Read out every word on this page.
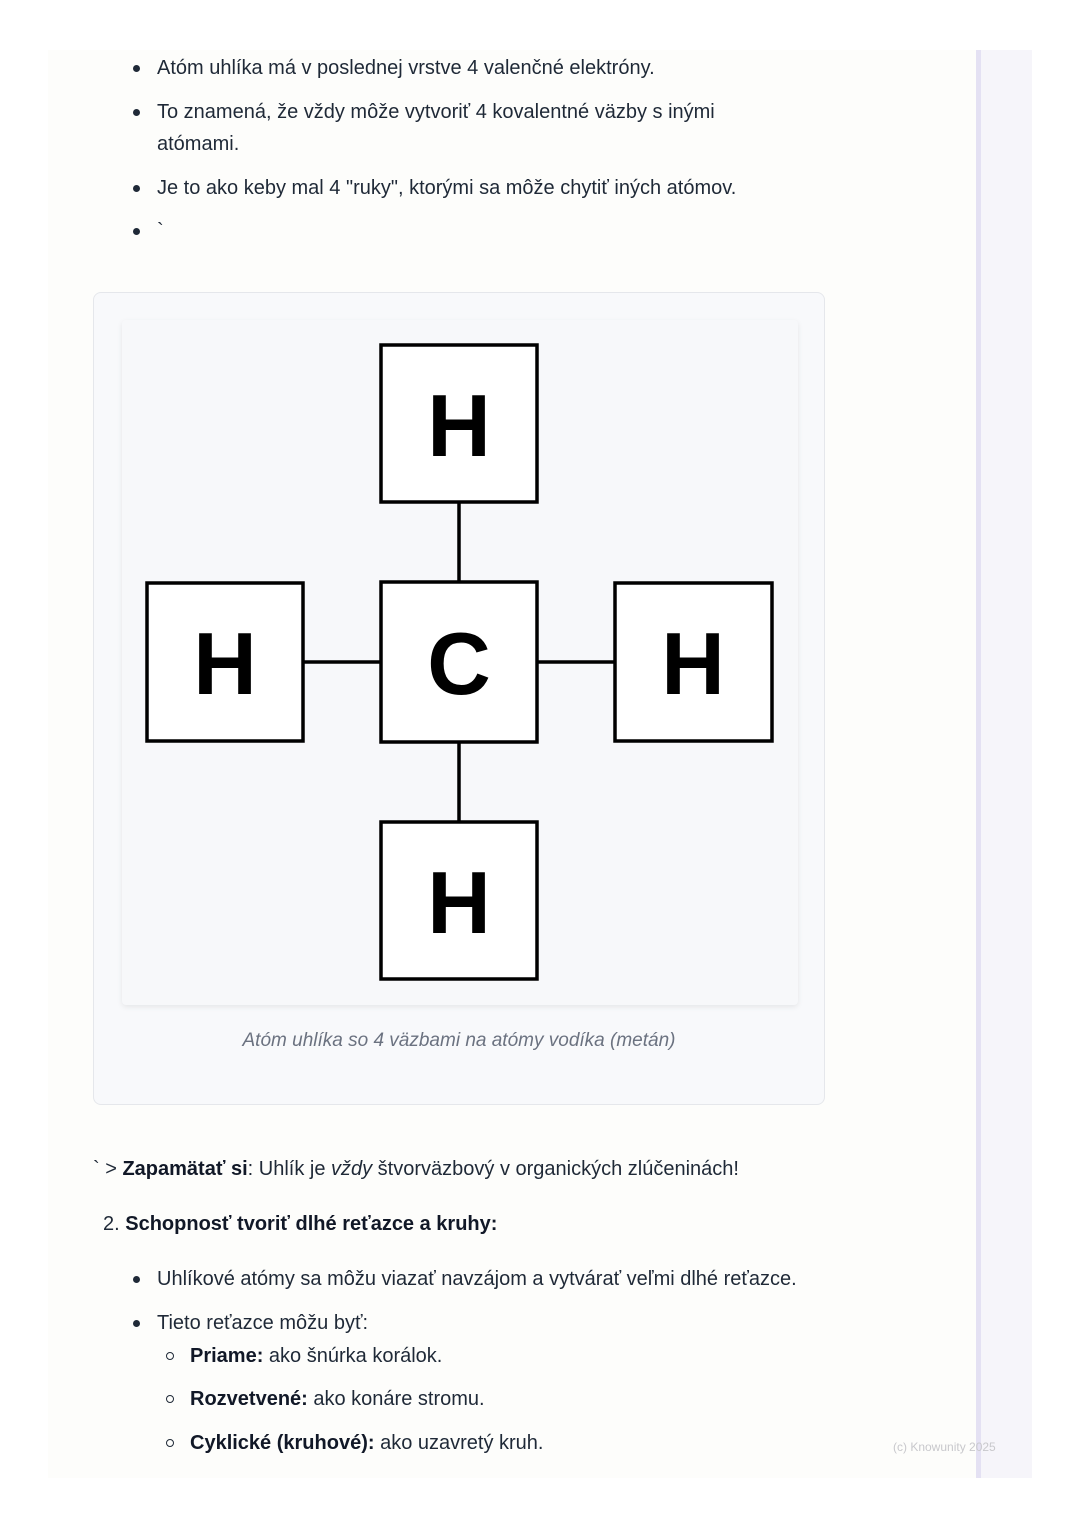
Atóm uhlíka má v poslednej vrstve 4 valenčné elektróny.
To znamená, že vždy môže vytvoriť 4 kovalentné väzby s inými
atómami.
Je to ako keby mal 4 "ruky", ktorými sa môže chytiť iných atómov.
`
H
H C H
H
Atóm uhlíka so 4 väzbami na atómy vodíka (metán)
` > Zapamätať si: Uhlík je vždy štvorväzbový v organických zlúčeninách!
2. Schopnosť tvoriť dlhé reťazce a kruhy:
Uhlíkové atómy sa môžu viazať navzájom a vytvárať veľmi dlhé reťazce.
Tieto reťazce môžu byť:
Priame: ako šnúrka korálok.
Rozvetvené: ako konáre stromu.
Cyklické (kruhové): ako uzavretý kruh.	(c) Knowunity 2025
